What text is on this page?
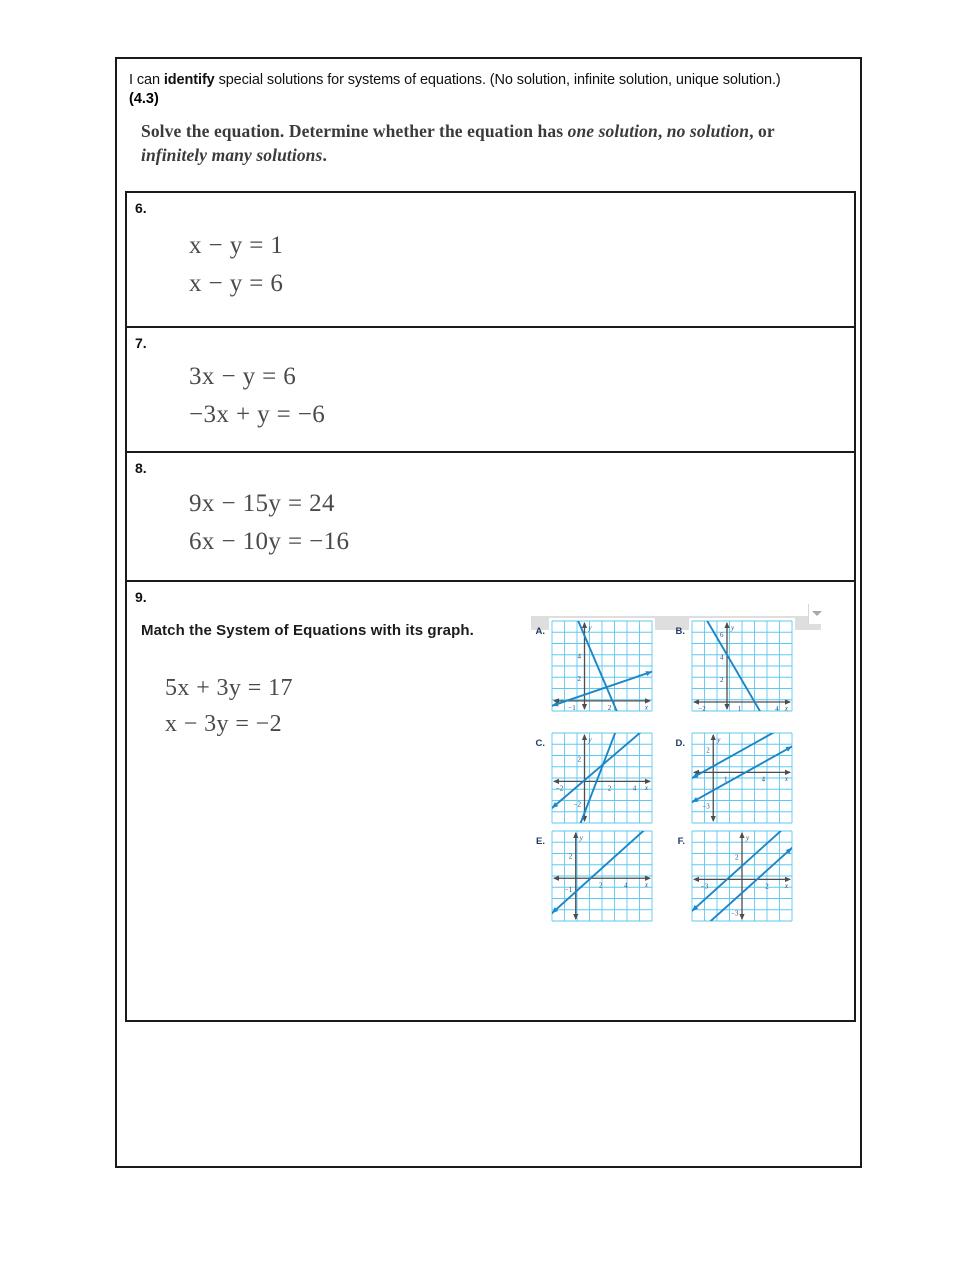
I can identify special solutions for systems of equations. (No solution, infinite solution, unique solution.)
(4.3)
Solve the equation. Determine whether the equation has one solution, no solution, or infinitely many solutions.
6.
x − y = 1
x − y = 6
7.
3x − y = 6
−3x + y = −6
8.
9x − 15y = 24
6x − 10y = −16
9.
Match the System of Equations with its graph.
5x + 3y = 17
x − 3y = −2
A.
−1	2
4
2
x
y	B.
−2	1	4
6
4
2
x
y
C.
−2	2	4
2
−2
x
y	D.
1	4
2
−3
x
y
E.
2	4
2
−1
x
y	F.
−3	2
2
−3
x
y
